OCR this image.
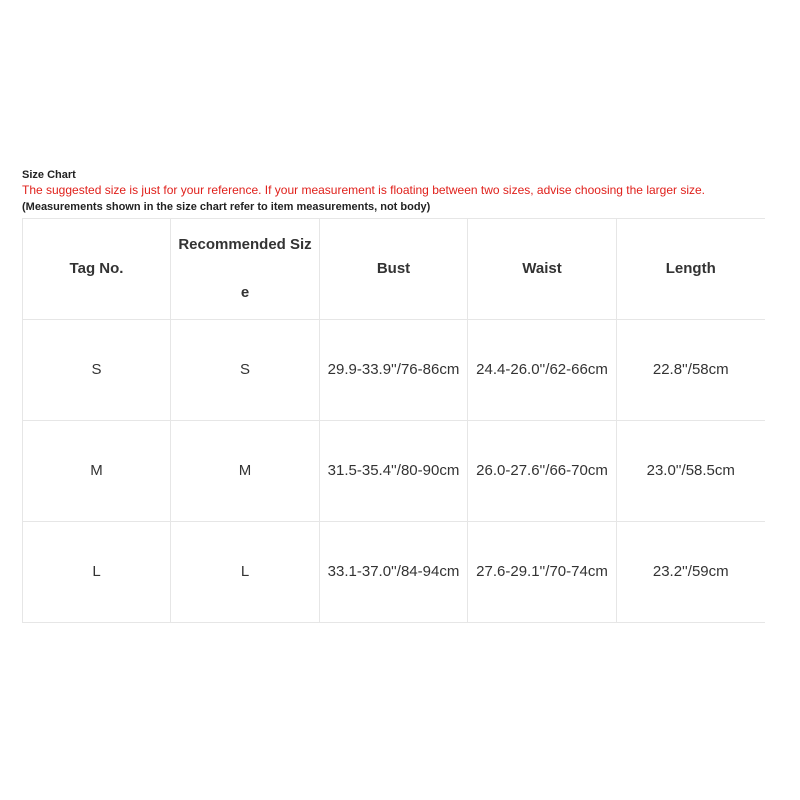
Size Chart
The suggested size is just for your reference. If your measurement is floating between two sizes, advise choosing the larger size.
(Measurements shown in the size chart refer to item measurements, not body)
Tag No.	Recommended Size	Bust	Waist	Length
S	S	29.9-33.9''/76-86cm	24.4-26.0''/62-66cm	22.8''/58cm
M	M	31.5-35.4''/80-90cm	26.0-27.6''/66-70cm	23.0''/58.5cm
L	L	33.1-37.0''/84-94cm	27.6-29.1''/70-74cm	23.2''/59cm
